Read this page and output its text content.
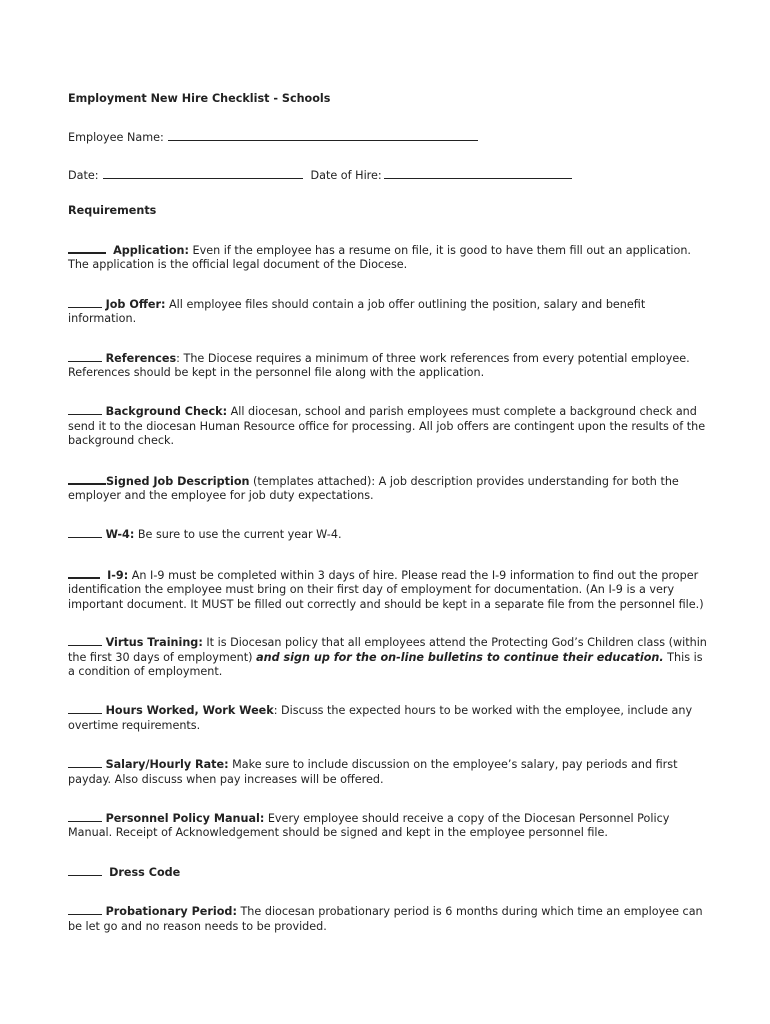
Employment New Hire Checklist - Schools
Employee Name:
Date:	Date of Hire:
Requirements
Application: Even if the employee has a resume on file, it is good to have them fill out an application. The application is the official legal document of the Diocese.
Job Offer: All employee files should contain a job offer outlining the position, salary and benefit information.
References: The Diocese requires a minimum of three work references from every potential employee. References should be kept in the personnel file along with the application.
Background Check: All diocesan, school and parish employees must complete a background check and send it to the diocesan Human Resource office for processing. All job offers are contingent upon the results of the background check.
Signed Job Description (templates attached): A job description provides understanding for both the employer and the employee for job duty expectations.
W-4: Be sure to use the current year W-4.
I-9: An I-9 must be completed within 3 days of hire. Please read the I-9 information to find out the proper identification the employee must bring on their first day of employment for documentation. (An I-9 is a very important document. It MUST be filled out correctly and should be kept in a separate file from the personnel file.)
Virtus Training: It is Diocesan policy that all employees attend the Protecting God’s Children class (within the first 30 days of employment) and sign up for the on-line bulletins to continue their education. This is a condition of employment.
Hours Worked, Work Week: Discuss the expected hours to be worked with the employee, include any overtime requirements.
Salary/Hourly Rate: Make sure to include discussion on the employee’s salary, pay periods and first payday. Also discuss when pay increases will be offered.
Personnel Policy Manual: Every employee should receive a copy of the Diocesan Personnel Policy Manual. Receipt of Acknowledgement should be signed and kept in the employee personnel file.
Dress Code
Probationary Period: The diocesan probationary period is 6 months during which time an employee can be let go and no reason needs to be provided.
